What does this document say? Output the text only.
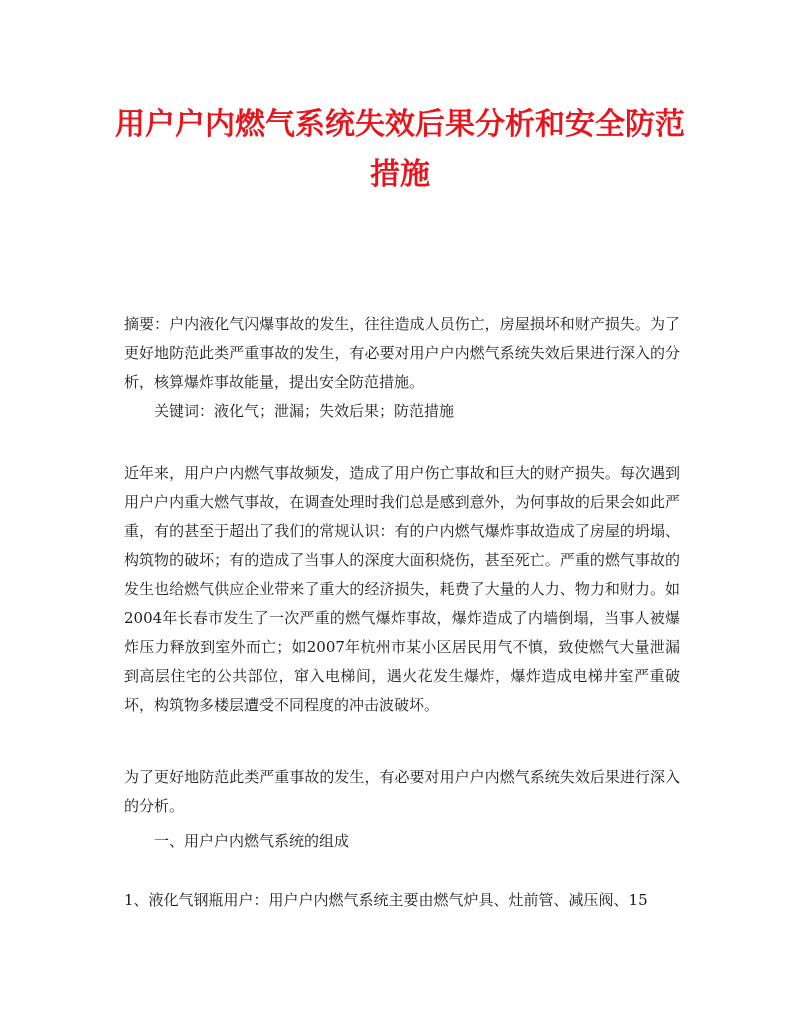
用户户内燃气系统失效后果分析和安全防范措施

摘要：户内液化气闪爆事故的发生，往往造成人员伤亡，房屋损坏和财产损失。为了更好地防范此类严重事故的发生，有必要对用户户内燃气系统失效后果进行深入的分析，核算爆炸事故能量，提出安全防范措施。

关键词：液化气；泄漏；失效后果；防范措施

近年来，用户户内燃气事故频发，造成了用户伤亡事故和巨大的财产损失。每次遇到用户户内重大燃气事故，在调查处理时我们总是感到意外，为何事故的后果会如此严重，有的甚至于超出了我们的常规认识：有的户内燃气爆炸事故造成了房屋的坍塌、构筑物的破坏；有的造成了当事人的深度大面积烧伤，甚至死亡。严重的燃气事故的发生也给燃气供应企业带来了重大的经济损失，耗费了大量的人力、物力和财力。如2004年长春市发生了一次严重的燃气爆炸事故，爆炸造成了内墙倒塌，当事人被爆炸压力释放到室外而亡；如2007年杭州市某小区居民用气不慎，致使燃气大量泄漏到高层住宅的公共部位，窜入电梯间，遇火花发生爆炸，爆炸造成电梯井室严重破坏，构筑物多楼层遭受不同程度的冲击波破坏。

为了更好地防范此类严重事故的发生，有必要对用户户内燃气系统失效后果进行深入的分析。

一、用户户内燃气系统的组成

1、液化气钢瓶用户：用户户内燃气系统主要由燃气炉具、灶前管、减压阀、15
